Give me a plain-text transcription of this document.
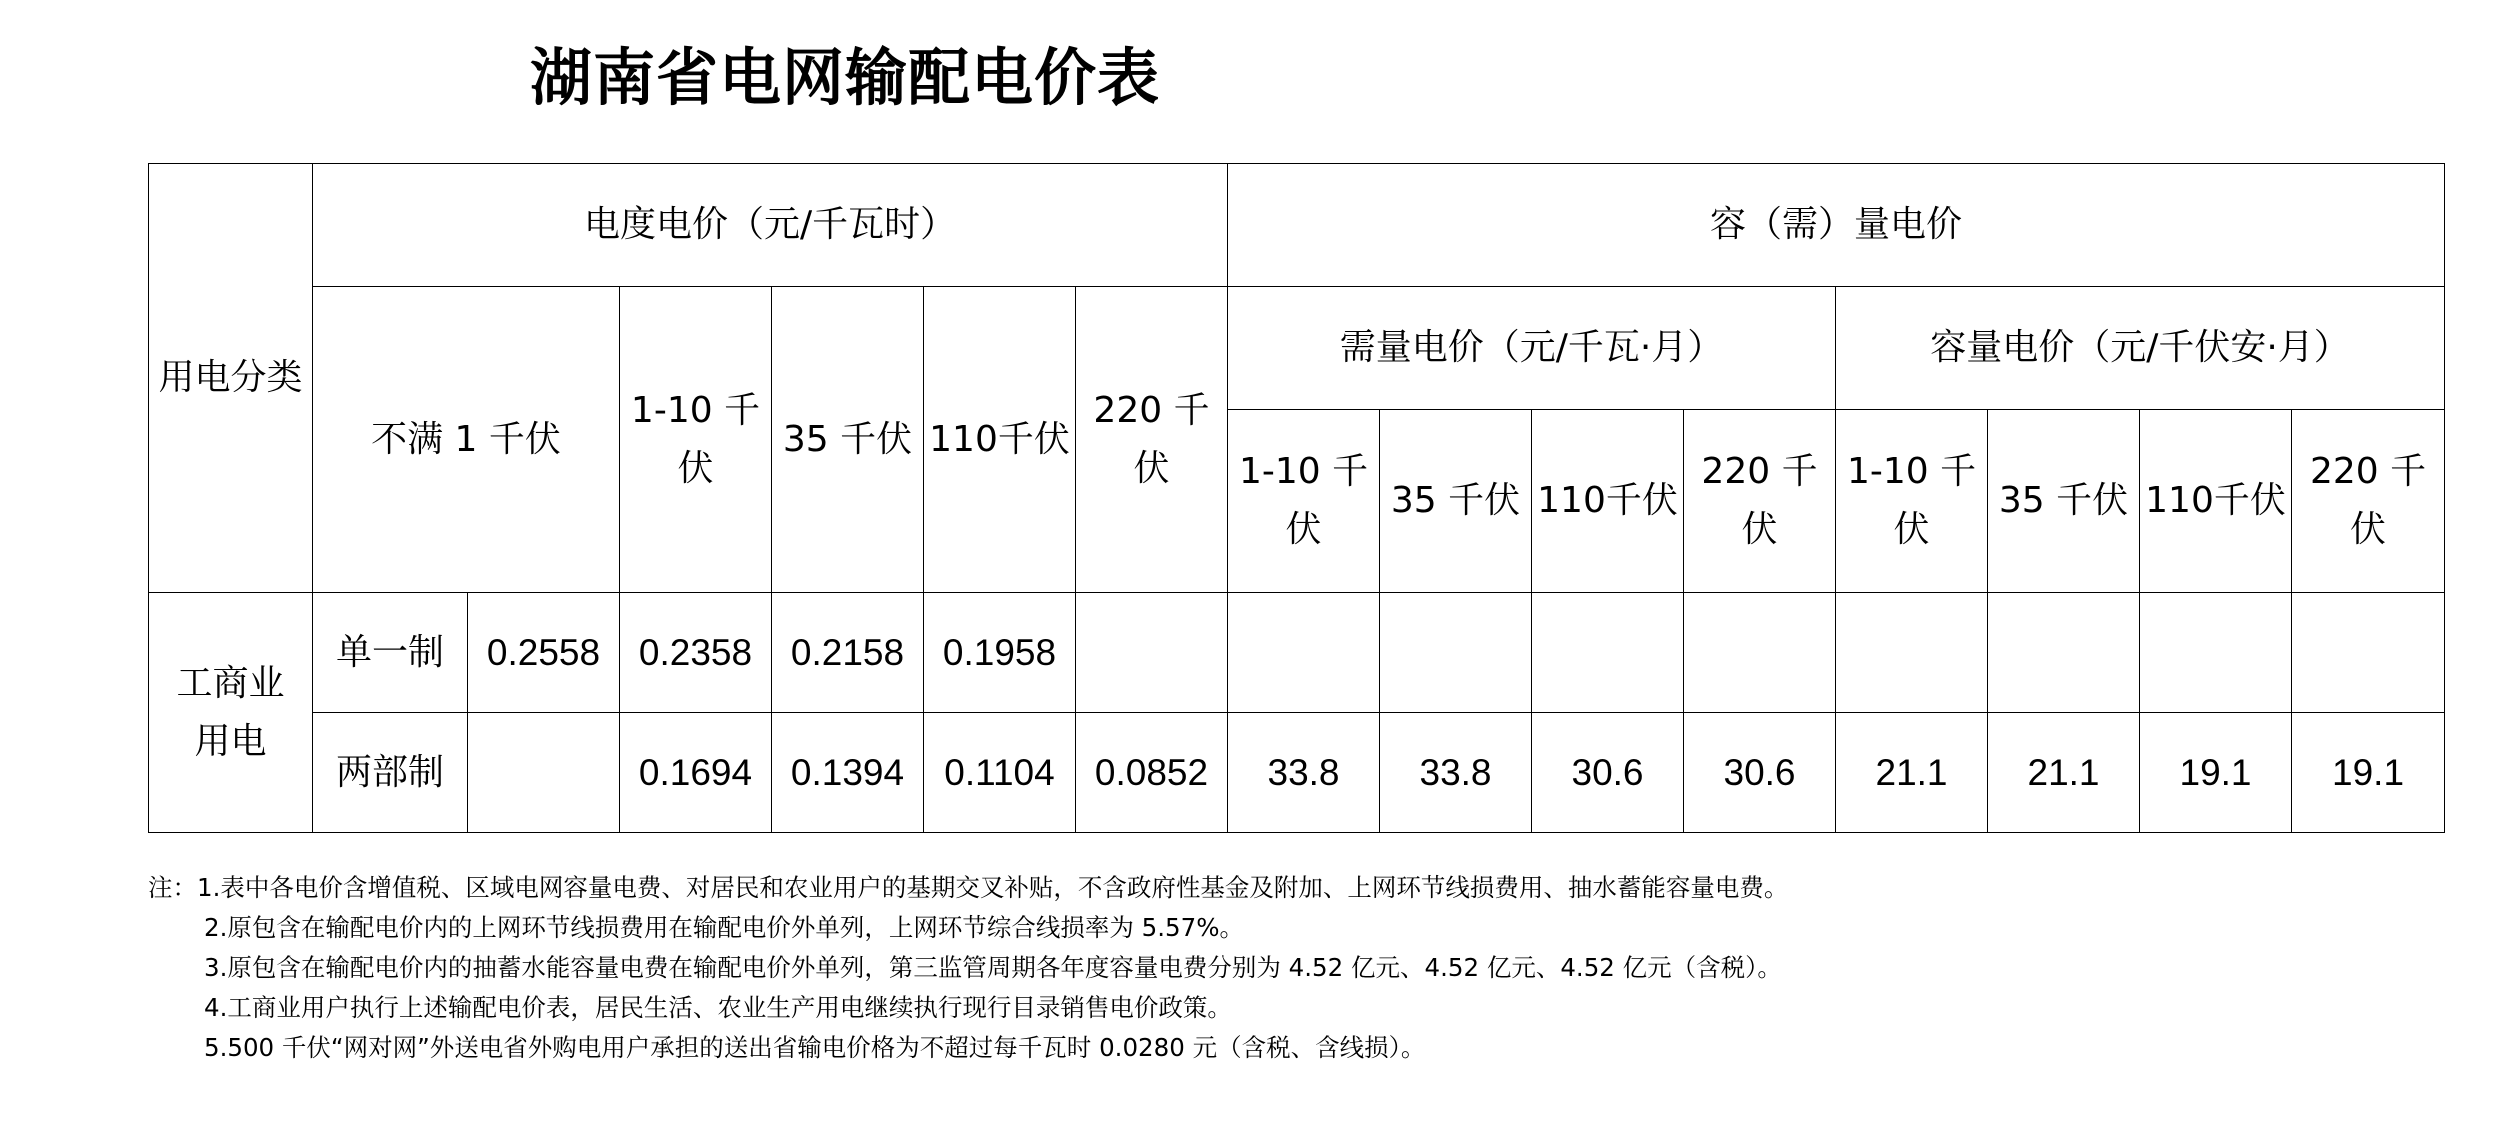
湖南省电网输配电价表
用电分类	电度电价（元/千瓦时）						容（需）量电价							
	不满 1 千伏		1-10 千伏	35 千伏	110千伏	220 千伏	需量电价（元/千瓦·月）				容量电价（元/千伏安·月）			
							1-10 千伏	35 千伏	110千伏	220 千伏	1-10 千伏	35 千伏	110千伏	220 千伏
工商业用电	单一制	0.2558	0.2358	0.2158	0.1958									
	两部制		0.1694	0.1394	0.1104	0.0852	33.8	33.8	30.6	30.6	21.1	21.1	19.1	19.1
注：1.表中各电价含增值税、区域电网容量电费、对居民和农业用户的基期交叉补贴，不含政府性基金及附加、上网环节线损费用、抽水蓄能容量电费。
2.原包含在输配电价内的上网环节线损费用在输配电价外单列，上网环节综合线损率为 5.57%。
3.原包含在输配电价内的抽蓄水能容量电费在输配电价外单列，第三监管周期各年度容量电费分别为 4.52 亿元、4.52 亿元、4.52 亿元（含税）。
4.工商业用户执行上述输配电价表，居民生活、农业生产用电继续执行现行目录销售电价政策。
5.500 千伏“网对网”外送电省外购电用户承担的送出省输电价格为不超过每千瓦时 0.0280 元（含税、含线损）。
